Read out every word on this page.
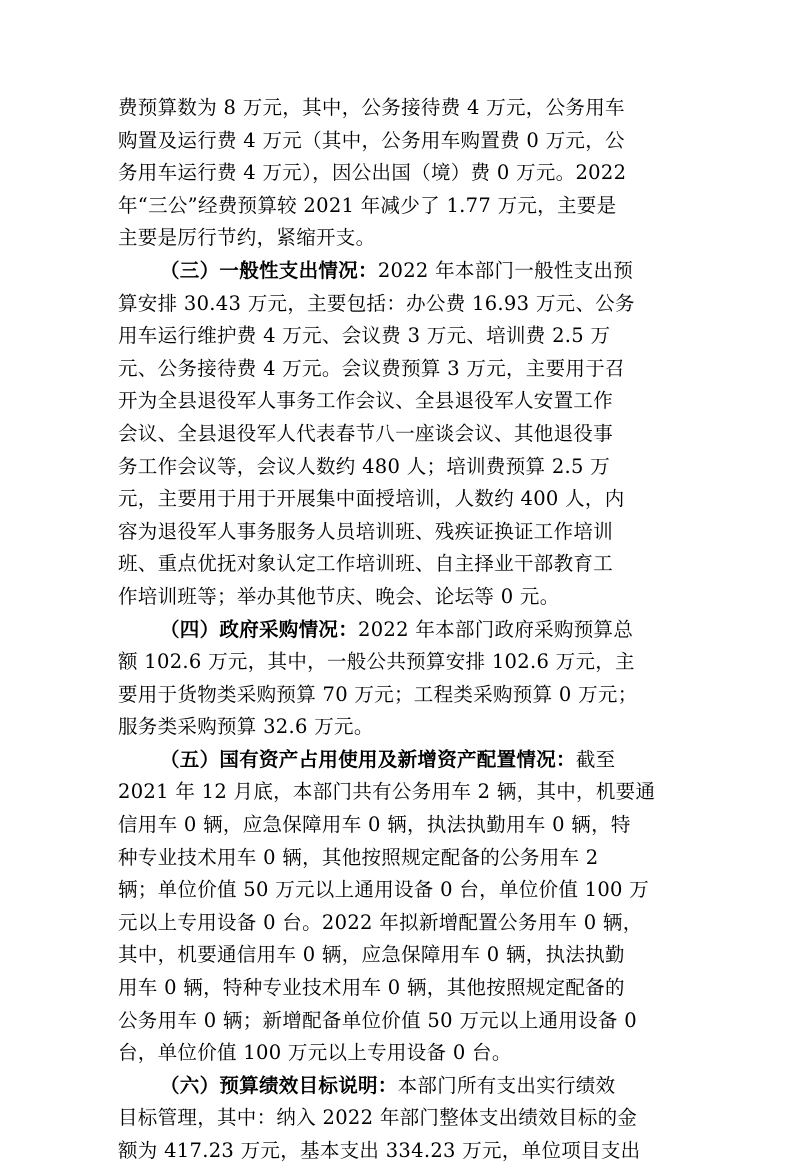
费预算数为 8 万元，其中，公务接待费 4 万元，公务用车
购置及运行费 4 万元（其中，公务用车购置费 0 万元，公
务用车运行费 4 万元），因公出国（境）费 0 万元。2022
年“三公”经费预算较 2021 年减少了 1.77 万元，主要是
主要是厉行节约，紧缩开支。
（三）一般性支出情况：2022 年本部门一般性支出预
算安排 30.43 万元，主要包括：办公费 16.93 万元、公务
用车运行维护费 4 万元、会议费 3 万元、培训费 2.5 万
元、公务接待费 4 万元。会议费预算 3 万元，主要用于召
开为全县退役军人事务工作会议、全县退役军人安置工作
会议、全县退役军人代表春节八一座谈会议、其他退役事
务工作会议等，会议人数约 480 人；培训费预算 2.5 万
元，主要用于用于开展集中面授培训，人数约 400 人，内
容为退役军人事务服务人员培训班、残疾证换证工作培训
班、重点优抚对象认定工作培训班、自主择业干部教育工
作培训班等；举办其他节庆、晚会、论坛等 0 元。
（四）政府采购情况：2022 年本部门政府采购预算总
额 102.6 万元，其中，一般公共预算安排 102.6 万元，主
要用于货物类采购预算 70 万元；工程类采购预算 0 万元；
服务类采购预算 32.6 万元。
（五）国有资产占用使用及新增资产配置情况：截至
2021 年 12 月底，本部门共有公务用车 2 辆，其中，机要通
信用车 0 辆，应急保障用车 0 辆，执法执勤用车 0 辆，特
种专业技术用车 0 辆，其他按照规定配备的公务用车 2
辆；单位价值 50 万元以上通用设备 0 台，单位价值 100 万
元以上专用设备 0 台。2022 年拟新增配置公务用车 0 辆，
其中，机要通信用车 0 辆，应急保障用车 0 辆，执法执勤
用车 0 辆，特种专业技术用车 0 辆，其他按照规定配备的
公务用车 0 辆；新增配备单位价值 50 万元以上通用设备 0
台，单位价值 100 万元以上专用设备 0 台。
（六）预算绩效目标说明：本部门所有支出实行绩效
目标管理，其中：纳入 2022 年部门整体支出绩效目标的金
额为 417.23 万元，基本支出 334.23 万元，单位项目支出
